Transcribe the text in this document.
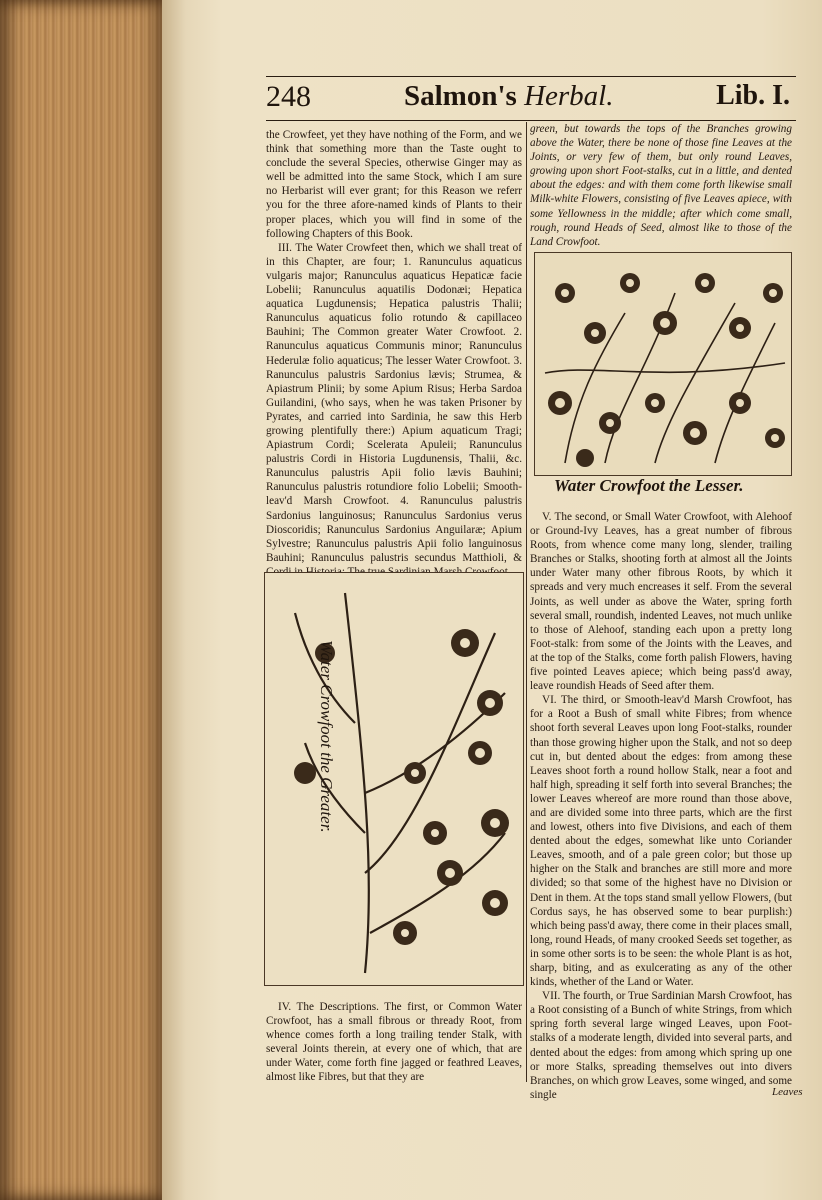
248	Salmon's Herbal.	Lib. I.

the Crowfeet, yet they have nothing of the Form, and we think that something more than the Taste ought to conclude the several Species, otherwise Ginger may as well be admitted into the same Stock, which I am sure no Herbarist will ever grant; for this Reason we referr you for the three afore-named kinds of Plants to their proper places, which you will find in some of the following Chapters of this Book.

III. The Water Crowfeet then, which we shall treat of in this Chapter, are four; 1. Ranunculus aquaticus vulgaris major; Ranunculus aquaticus Hepaticæ facie Lobelii; Ranunculus aquatilis Dodonæi; Hepatica aquatica Lugdunensis; Hepatica palustris Thalii; Ranunculus aquaticus folio rotundo & capillaceo Bauhini; The Common greater Water Crowfoot. 2. Ranunculus aquaticus Communis minor; Ranunculus Hederulæ folio aquaticus; The lesser Water Crowfoot. 3. Ranunculus palustris Sardonius lævis; Strumea, & Apiastrum Plinii; by some Apium Risus; Herba Sardoa Guilandini, (who says, when he was taken Prisoner by Pyrates, and carried into Sardinia, he saw this Herb growing plentifully there:) Apium aquaticum Tragi; Apiastrum Cordi; Scelerata Apuleii; Ranunculus palustris Cordi in Historia Lugdunensis, Thalii, &c. Ranunculus palustris Apii folio lævis Bauhini; Ranunculus palustris rotundiore folio Lobelii; Smooth-leav'd Marsh Crowfoot. 4. Ranunculus palustris Sardonius languinosus; Ranunculus Sardonius verus Dioscoridis; Ranunculus Sardonius Anguilaræ; Apium Sylvestre; Ranunculus palustris Apii folio languinosus Bauhini; Ranunculus palustris secundus Matthioli, &

green, but towards the tops of the Branches growing above the Water, there be none of those fine Leaves at the Joints, or very few of them, but only round Leaves, growing upon short Foot-stalks, cut in a little, and dented about the edges: and with them come forth likewise small Milk-white Flowers, consisting of five Leaves apiece, with some Yellowness in the middle; after which come small, rough, round Heads of Seed, almost like to those of the Land Crowfoot.

Water Crowfoot the Lesser.
Water Crowfoot the Greater.

IV. The Descriptions. The first, or Common Water Crowfoot, has a small fibrous or thready Root, from whence comes forth a long trailing tender Stalk, with several Joints therein, at every one of which, that are under Water, come forth fine jagged or feathred Leaves, almost like Fibres, but that they are

V. The second, or Small Water Crowfoot, with Alehoof or Ground-Ivy Leaves, has a great number of fibrous Roots, from whence come many long, slender, trailing Branches or Stalks, shooting forth at almost all the Joints under Water many other fibrous Roots, by which it spreads and very much encreases it self. From the several Joints, as well under as above the Water, spring forth several small, roundish, indented Leaves, not much unlike to those of Alehoof, standing each upon a pretty long Foot-stalk: from some of the Joints with the Leaves, and at the top of the Stalks, come forth palish Flowers, having five pointed Leaves apiece; which being pass'd away, leave roundish Heads of Seed after them.

VI. The third, or Smooth-leav'd Marsh Crowfoot, has for a Root a Bush of small white Fibres; from whence shoot forth several Leaves upon long Foot-stalks, rounder than those growing higher upon the Stalk, and not so deep cut in, but dented about the edges: from among these Leaves shoot forth a round hollow Stalk, near a foot and half high, spreading it self forth into several Branches; the lower Leaves whereof are more round than those above, and are divided some into three parts, which are the first and lowest, others into five Divisions, and each of them dented about the edges, somewhat like unto Coriander Leaves, smooth, and of a pale green color; but those up higher on the Stalk and branches are still more and more divided; so that some of the highest have no Division or Dent in them. At the tops stand small yellow Flowers, (but Cordus says, he has observed some to bear purplish:) which being pass'd away, there come in their places small, long, round Heads, of many crooked Seeds set together, as in some other sorts is to be seen: the whole Plant is as hot, sharp, biting, and as exulcerating as any of the other kinds, whether of the Land or Water.

VII. The fourth, or True Sardinian Marsh Crowfoot, has a Root consisting of a Bunch of white Strings, from which spring forth several large winged Leaves, upon Foot-stalks of a moderate length, divided into several parts, and dented about the edges: from among which spring up one or more Stalks, spreading themselves out into divers Branches, on which grow Leaves, some winged, and some single	Leaves
